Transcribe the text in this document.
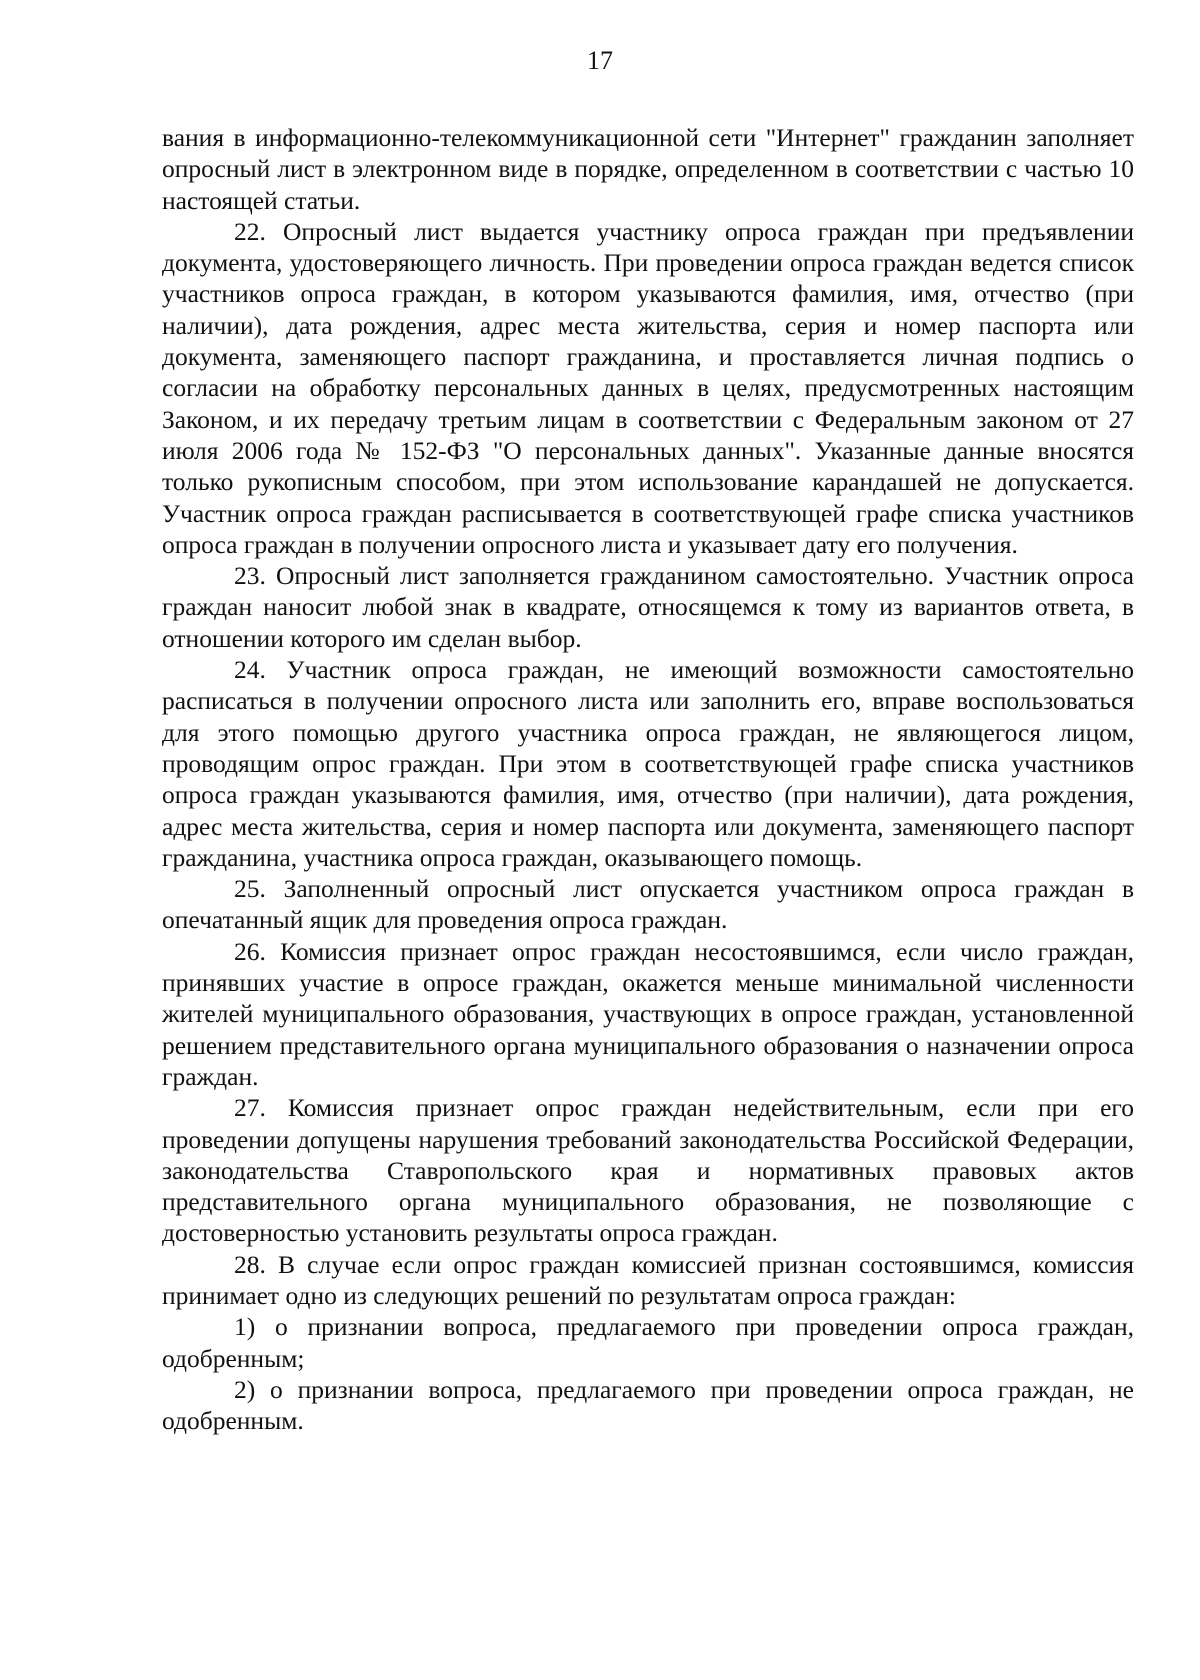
17

вания в информационно-телекоммуникационной сети "Интернет" гражданин заполняет опросный лист в электронном виде в порядке, определенном в соответствии с частью 10 настоящей статьи.

22. Опросный лист выдается участнику опроса граждан при предъявлении документа, удостоверяющего личность. При проведении опроса граждан ведется список участников опроса граждан, в котором указываются фамилия, имя, отчество (при наличии), дата рождения, адрес места жительства, серия и номер паспорта или документа, заменяющего паспорт гражданина, и проставляется личная подпись о согласии на обработку персональных данных в целях, предусмотренных настоящим Законом, и их передачу третьим лицам в соответствии с Федеральным законом от 27 июля 2006 года № 152-ФЗ "О персональных данных". Указанные данные вносятся только рукописным способом, при этом использование карандашей не допускается. Участник опроса граждан расписывается в соответствующей графе списка участников опроса граждан в получении опросного листа и указывает дату его получения.

23. Опросный лист заполняется гражданином самостоятельно. Участник опроса граждан наносит любой знак в квадрате, относящемся к тому из вариантов ответа, в отношении которого им сделан выбор.

24. Участник опроса граждан, не имеющий возможности самостоятельно расписаться в получении опросного листа или заполнить его, вправе воспользоваться для этого помощью другого участника опроса граждан, не являющегося лицом, проводящим опрос граждан. При этом в соответствующей графе списка участников опроса граждан указываются фамилия, имя, отчество (при наличии), дата рождения, адрес места жительства, серия и номер паспорта или документа, заменяющего паспорт гражданина, участника опроса граждан, оказывающего помощь.

25. Заполненный опросный лист опускается участником опроса граждан в опечатанный ящик для проведения опроса граждан.

26. Комиссия признает опрос граждан несостоявшимся, если число граждан, принявших участие в опросе граждан, окажется меньше минимальной численности жителей муниципального образования, участвующих в опросе граждан, установленной решением представительного органа муниципального образования о назначении опроса граждан.

27. Комиссия признает опрос граждан недействительным, если при его проведении допущены нарушения требований законодательства Российской Федерации, законодательства Ставропольского края и нормативных правовых актов представительного органа муниципального образования, не позволяющие с достоверностью установить результаты опроса граждан.

28. В случае если опрос граждан комиссией признан состоявшимся, комиссия принимает одно из следующих решений по результатам опроса граждан:

1) о признании вопроса, предлагаемого при проведении опроса граждан, одобренным;

2) о признании вопроса, предлагаемого при проведении опроса граждан, не одобренным.
